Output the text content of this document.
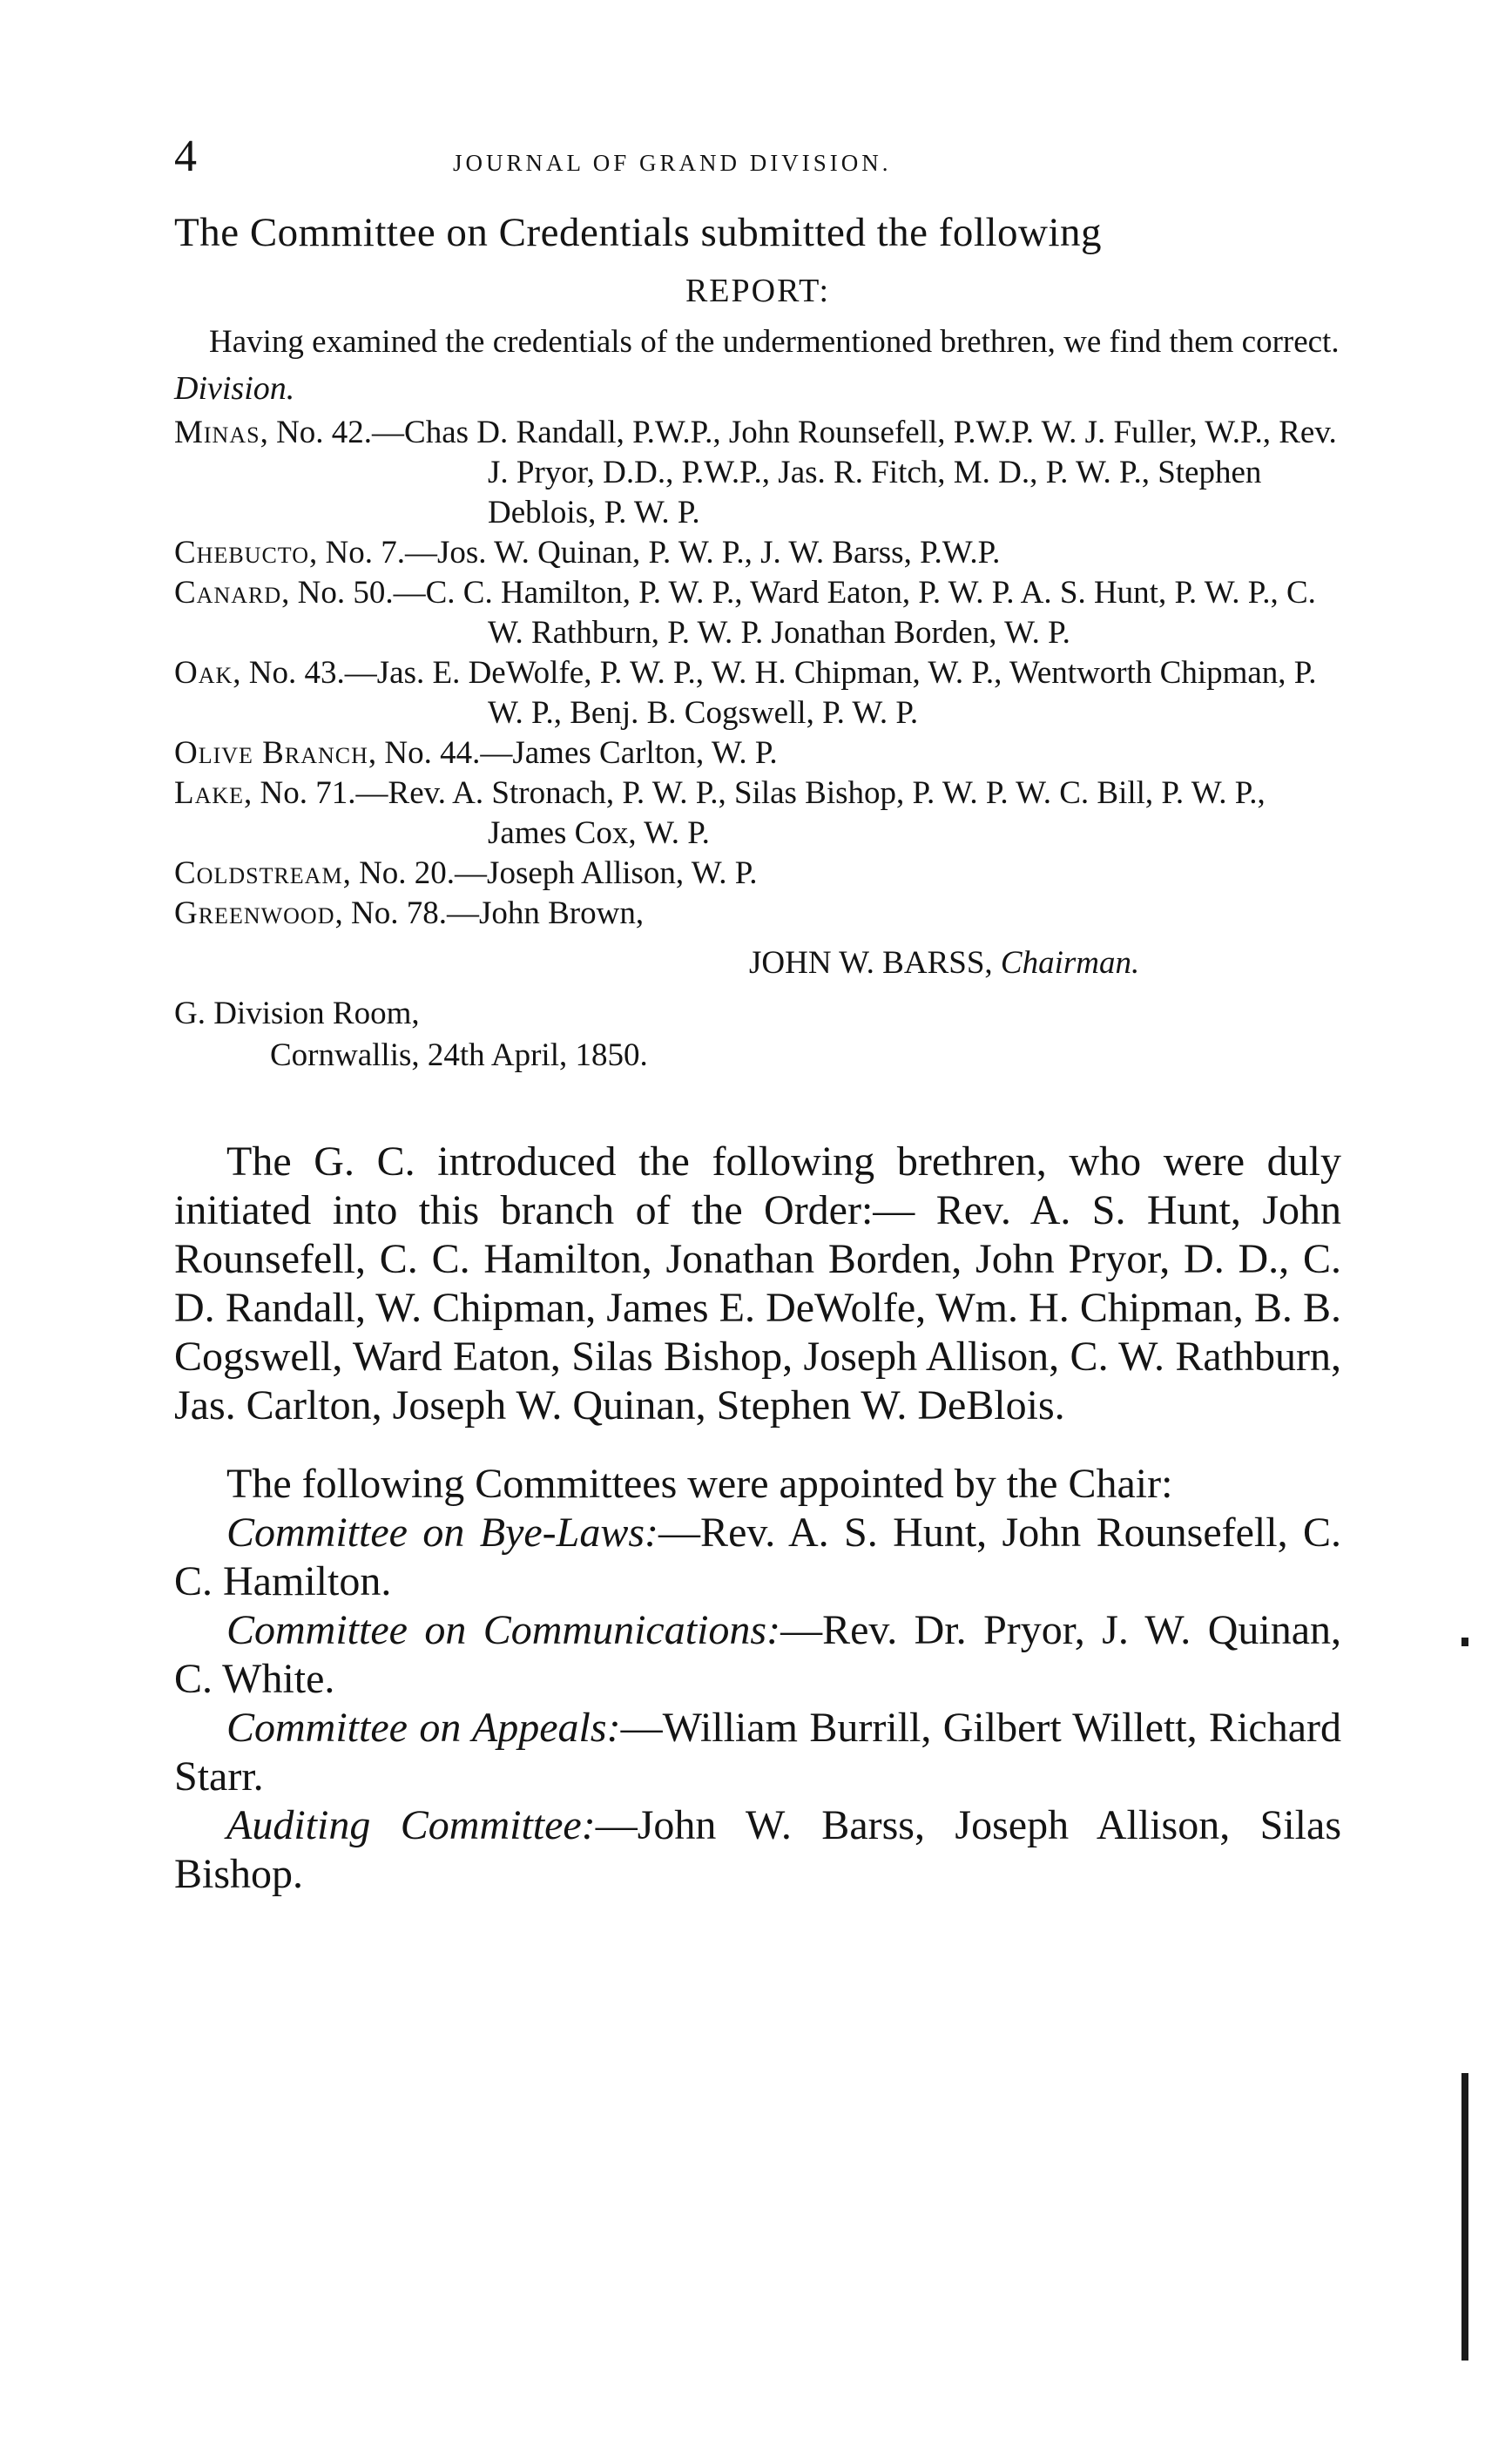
4	JOURNAL OF GRAND DIVISION.

The Committee on Credentials submitted the following

REPORT:

Having examined the credentials of the undermentioned brethren, we find them correct.

Division.
Minas, No. 42.—Chas D. Randall, P.W.P., John Rounsefell, P.W.P. W. J. Fuller, W.P., Rev. J. Pryor, D.D., P.W.P., Jas. R. Fitch, M. D., P. W. P., Stephen Deblois, P. W. P.
Chebucto, No. 7.—Jos. W. Quinan, P. W. P., J. W. Barss, P.W.P.
Canard, No. 50.—C. C. Hamilton, P. W. P., Ward Eaton, P. W. P. A. S. Hunt, P. W. P., C. W. Rathburn, P. W. P. Jonathan Borden, W. P.
Oak, No. 43.—Jas. E. DeWolfe, P. W. P., W. H. Chipman, W. P., Wentworth Chipman, P. W. P., Benj. B. Cogswell, P. W. P.
Olive Branch, No. 44.—James Carlton, W. P.
Lake, No. 71.—Rev. A. Stronach, P. W. P., Silas Bishop, P. W. P. W. C. Bill, P. W. P., James Cox, W. P.
Coldstream, No. 20.—Joseph Allison, W. P.
Greenwood, No. 78.—John Brown,
JOHN W. BARSS, Chairman.
G. Division Room,
Cornwallis, 24th April, 1850.

The G. C. introduced the following brethren, who were duly initiated into this branch of the Order:— Rev. A. S. Hunt, John Rounsefell, C. C. Hamilton, Jonathan Borden, John Pryor, D. D., C. D. Randall, W. Chipman, James E. DeWolfe, Wm. H. Chipman, B. B. Cogswell, Ward Eaton, Silas Bishop, Joseph Allison, C. W. Rathburn, Jas. Carlton, Joseph W. Quinan, Stephen W. DeBlois.

The following Committees were appointed by the Chair:

Committee on Bye-Laws:—Rev. A. S. Hunt, John Rounsefell, C. C. Hamilton.

Committee on Communications:—Rev. Dr. Pryor, J. W. Quinan, C. White.

Committee on Appeals:—William Burrill, Gilbert Willett, Richard Starr.

Auditing Committee:—John W. Barss, Joseph Allison, Silas Bishop.
